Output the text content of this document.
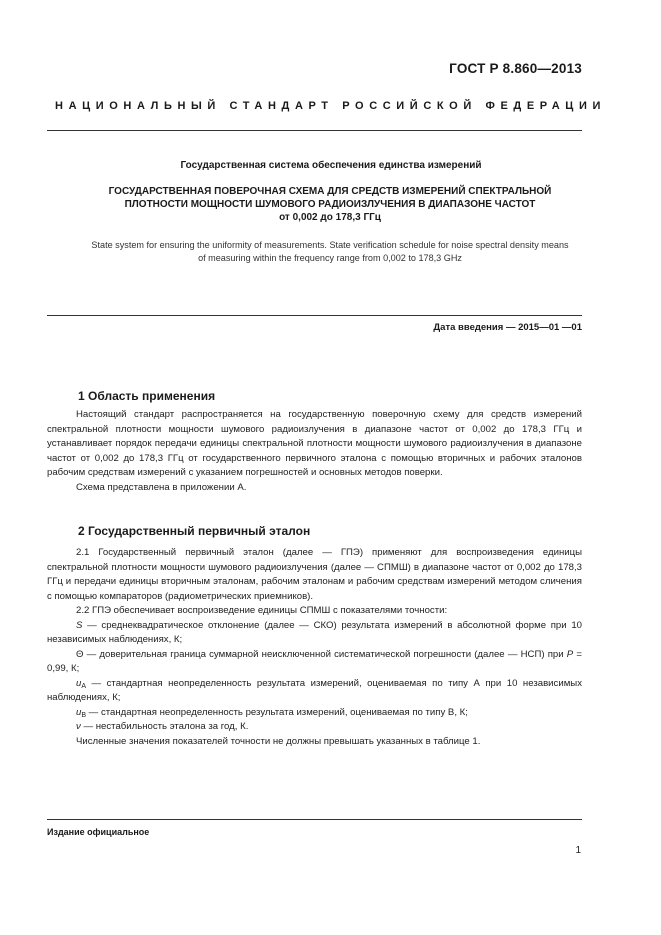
ГОСТ Р 8.860—2013
НАЦИОНАЛЬНЫЙ СТАНДАРТ РОССИЙСКОЙ ФЕДЕРАЦИИ
Государственная система обеспечения единства измерений
ГОСУДАРСТВЕННАЯ ПОВЕРОЧНАЯ СХЕМА ДЛЯ СРЕДСТВ ИЗМЕРЕНИЙ СПЕКТРАЛЬНОЙ
ПЛОТНОСТИ МОЩНОСТИ ШУМОВОГО РАДИОИЗЛУЧЕНИЯ В ДИАПАЗОНЕ ЧАСТОТ
от 0,002 до 178,3 ГГц
State system for ensuring the uniformity of measurements. State verification schedule for noise spectral density means
of measuring within the frequency range from 0,002 to 178,3 GHz
Дата введения — 2015—01 —01
1 Область применения

Настоящий стандарт распространяется на государственную поверочную схему для средств измерений спектральной плотности мощности шумового радиоизлучения в диапазоне частот от 0,002 до 178,3 ГГц и устанавливает порядок передачи единицы спектральной плотности мощности шумового радиоизлучения в диапазоне частот от 0,002 до 178,3 ГГц от государственного первичного эталона с помощью вторичных и рабочих эталонов рабочим средствам измерений с указанием погрешностей и основных методов поверки.

Схема представлена в приложении А.

2 Государственный первичный эталон

2.1 Государственный первичный эталон (далее — ГПЭ) применяют для воспроизведения единицы спектральной плотности мощности шумового радиоизлучения (далее — СПМШ) в диапазоне частот от 0,002 до 178,3 ГГц и передачи единицы вторичным эталонам, рабочим эталонам и рабочим средствам измерений методом сличения с помощью компараторов (радиометрических приемников).

2.2 ГПЭ обеспечивает воспроизведение единицы СПМШ с показателями точности:

S — среднеквадратическое отклонение (далее — СКО) результата измерений в абсолютной форме при 10 независимых наблюдениях, К;

Θ — доверительная граница суммарной неисключенной систематической погрешности (далее — НСП) при P = 0,99, К;

$u_A$ — стандартная неопределенность результата измерений, оцениваемая по типу А при 10 независимых наблюдениях, К;

$u_B$ — стандартная неопределенность результата измерений, оцениваемая по типу В, К;

ν — нестабильность эталона за год, К.

Численные значения показателей точности не должны превышать указанных в таблице 1.

Издание официальное
1
